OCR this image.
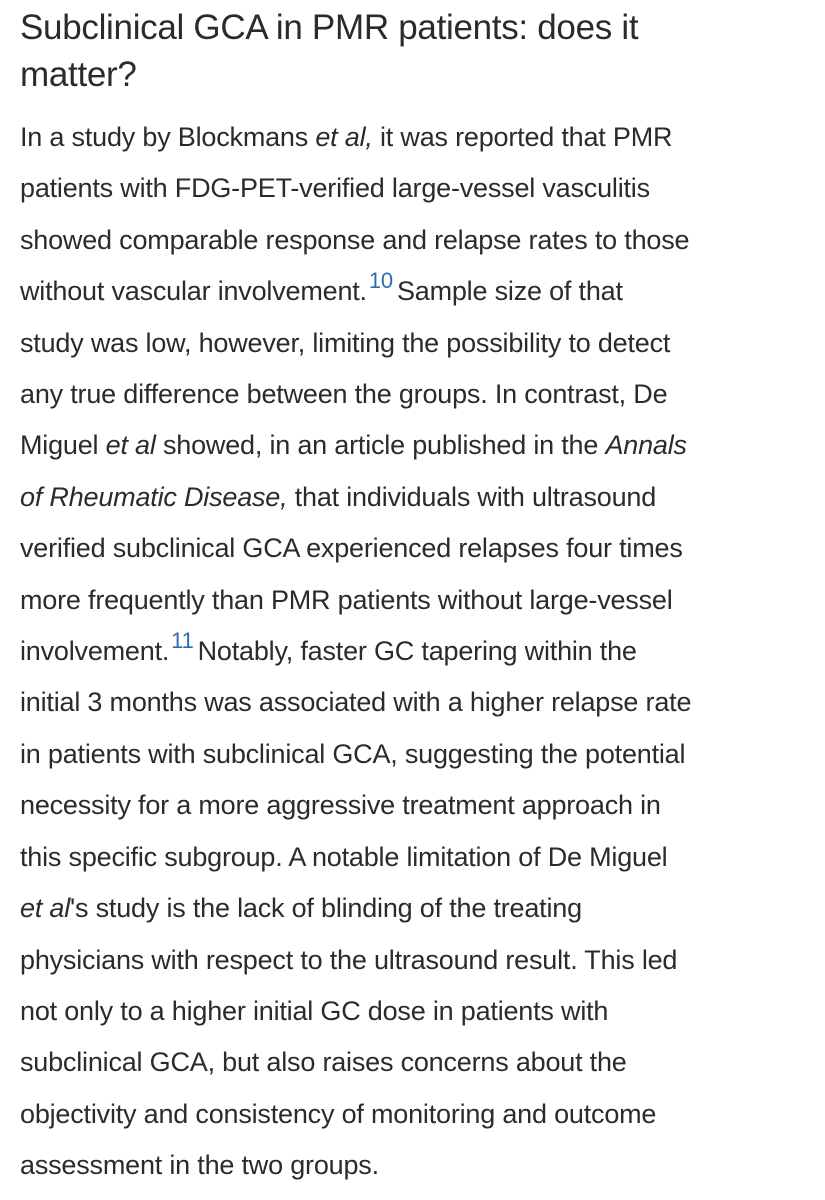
Subclinical GCA in PMR patients: does it
matter?

In a study by Blockmans et al, it was reported that PMR
patients with FDG-PET-verified large-vessel vasculitis
showed comparable response and relapse rates to those
without vascular involvement.$^{10}$ Sample size of that
study was low, however, limiting the possibility to detect
any true difference between the groups. In contrast, De
Miguel et al showed, in an article published in the Annals
of Rheumatic Disease, that individuals with ultrasound
verified subclinical GCA experienced relapses four times
more frequently than PMR patients without large-vessel
involvement.$^{11}$ Notably, faster GC tapering within the
initial 3 months was associated with a higher relapse rate
in patients with subclinical GCA, suggesting the potential
necessity for a more aggressive treatment approach in
this specific subgroup. A notable limitation of De Miguel
et al's study is the lack of blinding of the treating
physicians with respect to the ultrasound result. This led
not only to a higher initial GC dose in patients with
subclinical GCA, but also raises concerns about the
objectivity and consistency of monitoring and outcome
assessment in the two groups.
